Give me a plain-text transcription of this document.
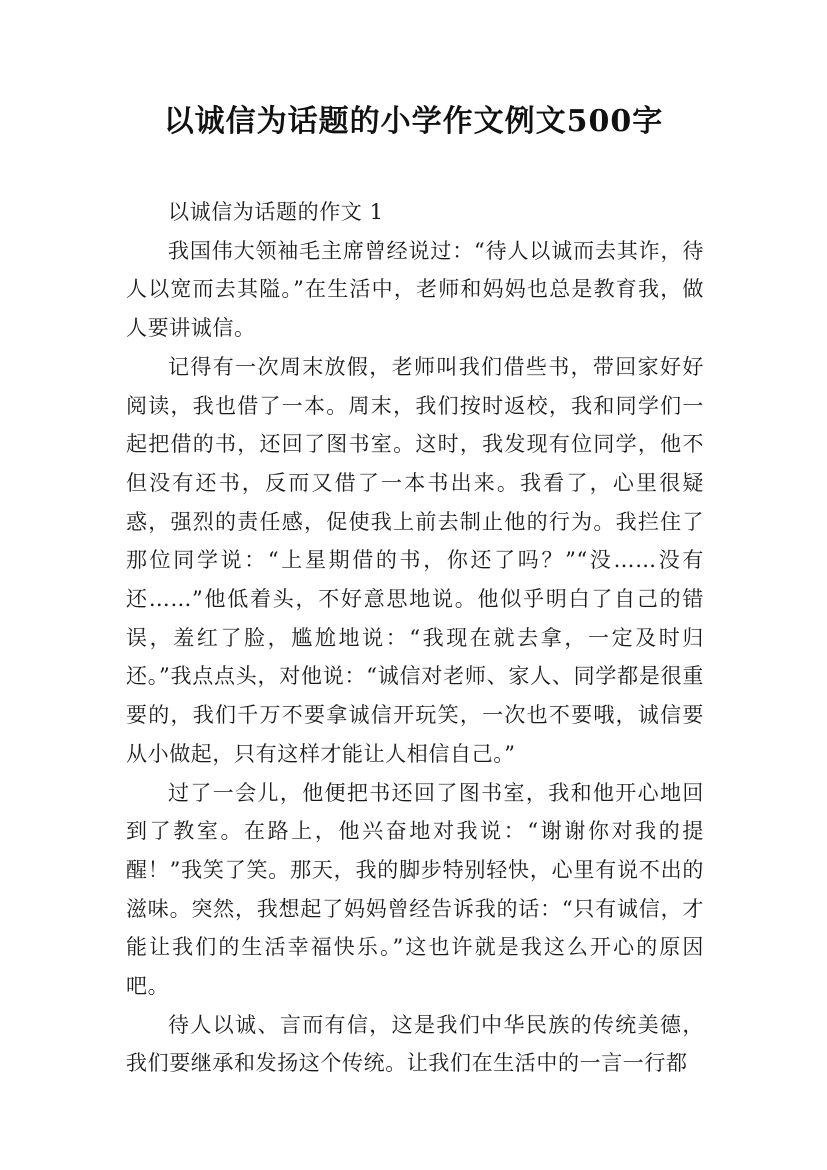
以诚信为话题的小学作文例文500字
以诚信为话题的作文 1

我国伟大领袖毛主席曾经说过：“待人以诚而去其诈，待人以宽而去其隘。”在生活中，老师和妈妈也总是教育我，做人要讲诚信。

记得有一次周末放假，老师叫我们借些书，带回家好好阅读，我也借了一本。周末，我们按时返校，我和同学们一起把借的书，还回了图书室。这时，我发现有位同学，他不但没有还书，反而又借了一本书出来。我看了，心里很疑惑，强烈的责任感，促使我上前去制止他的行为。我拦住了那位同学说：“上星期借的书，你还了吗？”“没……没有还……”他低着头，不好意思地说。他似乎明白了自己的错误，羞红了脸，尴尬地说：“我现在就去拿，一定及时归还。”我点点头，对他说：“诚信对老师、家人、同学都是很重要的，我们千万不要拿诚信开玩笑，一次也不要哦，诚信要从小做起，只有这样才能让人相信自己。”

过了一会儿，他便把书还回了图书室，我和他开心地回到了教室。在路上，他兴奋地对我说：“谢谢你对我的提醒！”我笑了笑。那天，我的脚步特别轻快，心里有说不出的滋味。突然，我想起了妈妈曾经告诉我的话：“只有诚信，才能让我们的生活幸福快乐。”这也许就是我这么开心的原因吧。

待人以诚、言而有信，这是我们中华民族的传统美德，我们要继承和发扬这个传统。让我们在生活中的一言一行都
